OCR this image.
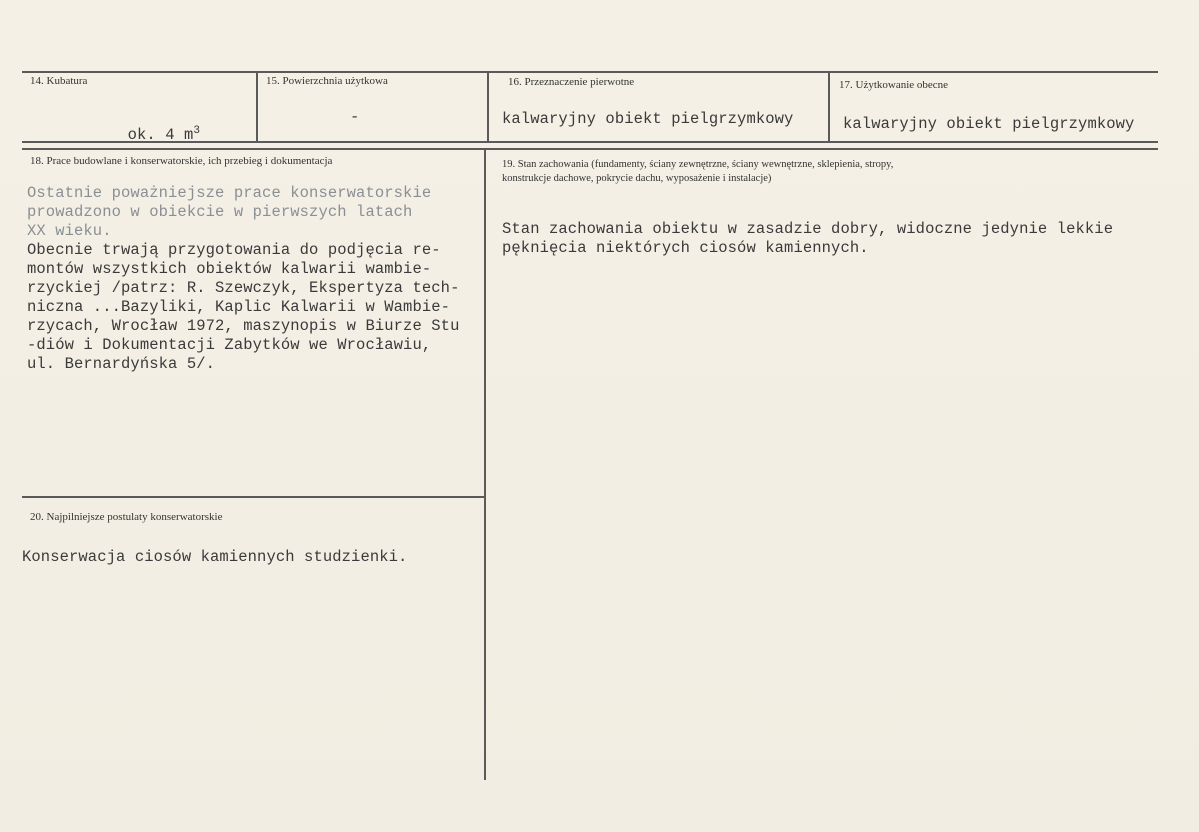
14. Kubatura

ok. 4 $m^3$

15. Powierzchnia użytkowa
-
16. Przeznaczenie pierwotne
kalwaryjny obiekt pielgrzymkowy
17. Użytkowanie obecne
kalwaryjny obiekt pielgrzymkowy
18. Prace budowlane i konserwatorskie, ich przebieg i dokumentacja
Ostatnie poważniejsze prace konserwatorskie
prowadzono w obiekcie w pierwszych latach
XX wieku.
Obecnie trwają przygotowania do podjęcia re-
montów wszystkich obiektów kalwarii wambie-
rzyckiej /patrz: R. Szewczyk, Ekspertyza tech-
niczna ...Bazyliki, Kaplic Kalwarii w Wambie-
rzycach, Wrocław 1972, maszynopis w Biurze Stu
-diów i Dokumentacji Zabytków we Wrocławiu,
ul. Bernardyńska 5/.
19. Stan zachowania (fundamenty, ściany zewnętrzne, ściany wewnętrzne, sklepienia, stropy,
konstrukcje dachowe, pokrycie dachu, wyposażenie i instalacje)
Stan zachowania obiektu w zasadzie dobry, widoczne jedynie lekkie
pęknięcia niektórych ciosów kamiennych.
20. Najpilniejsze postulaty konserwatorskie
Konserwacja ciosów kamiennych studzienki.
